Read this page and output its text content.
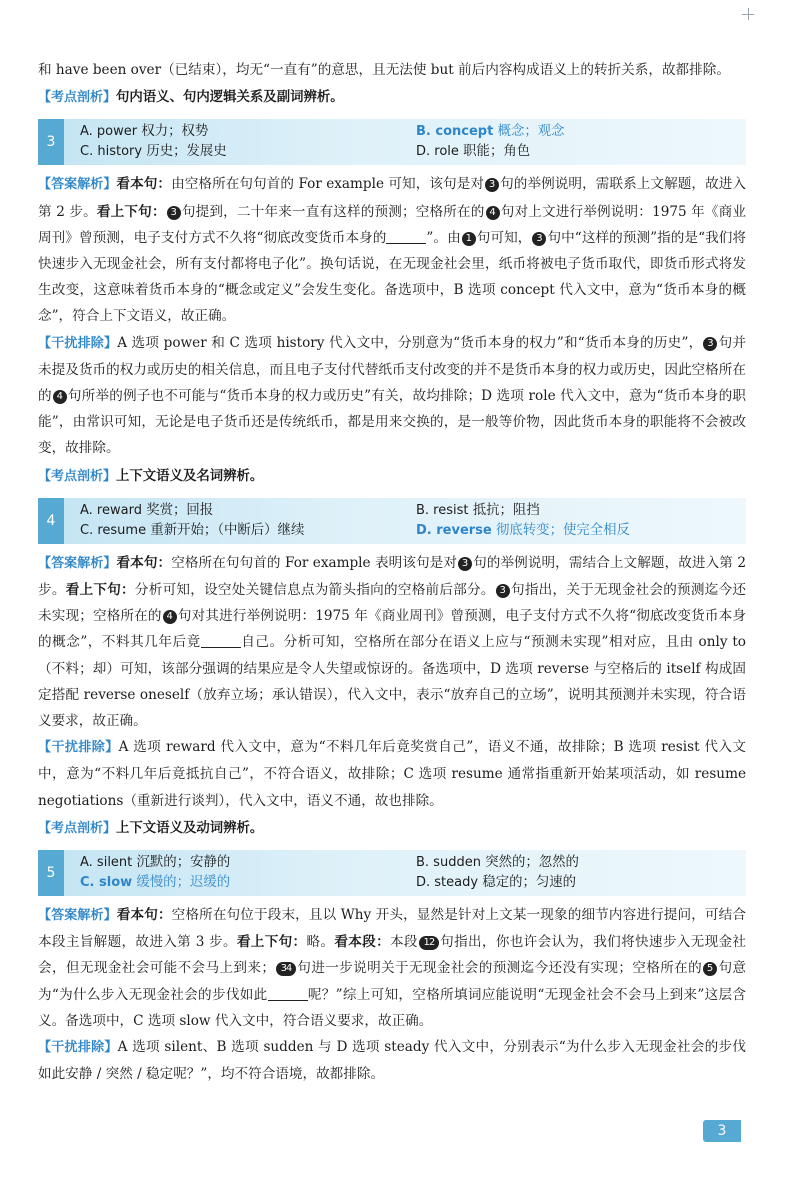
和 have been over（已结束），均无“一直有”的意思，且无法使 but 前后内容构成语义上的转折关系，故都排除。

【考点剖析】句内语义、句内逻辑关系及副词辨析。

3
A. power 权力；权势	B. concept 概念；观念
C. history 历史；发展史	D. role 职能；角色

【答案解析】看本句：由空格所在句句首的 For example 可知，该句是对 3 句的举例说明，需联系上文解题，故进入第 2 步。看上下句： 3 句提到，二十年来一直有这样的预测；空格所在的 4 句对上文进行举例说明：1975 年《商业周刊》曾预测，电子支付方式不久将“彻底改变货币本身的	”。由 1 句可知， 3 句中“这样的预测”指的是“我们将快速步入无现金社会，所有支付都将电子化”。换句话说，在无现金社会里，纸币将被电子货币取代，即货币形式将发生改变，这意味着货币本身的“概念或定义”会发生变化。备选项中，B 选项 concept 代入文中，意为“货币本身的概念”，符合上下文语义，故正确。

【干扰排除】A 选项 power 和 C 选项 history 代入文中，分别意为“货币本身的权力”和“货币本身的历史”， 3 句并未提及货币的权力或历史的相关信息，而且电子支付代替纸币支付改变的并不是货币本身的权力或历史，因此空格所在的 4 句所举的例子也不可能与“货币本身的权力或历史”有关，故均排除；D 选项 role 代入文中，意为“货币本身的职能”，由常识可知，无论是电子货币还是传统纸币，都是用来交换的，是一般等价物，因此货币本身的职能将不会被改变，故排除。

【考点剖析】上下文语义及名词辨析。

4
A. reward 奖赏；回报	B. resist 抵抗；阻挡
C. resume 重新开始；（中断后）继续	D. reverse 彻底转变；使完全相反

【答案解析】看本句：空格所在句句首的 For example 表明该句是对 3 句的举例说明，需结合上文解题，故进入第 2 步。看上下句：分析可知，设空处关键信息点为箭头指向的空格前后部分。 3 句指出，关于无现金社会的预测迄今还未实现；空格所在的 4 句对其进行举例说明：1975 年《商业周刊》曾预测，电子支付方式不久将“彻底改变货币本身的概念”，不料其几年后竟	自己。分析可知，空格所在部分在语义上应与“预测未实现”相对应，且由 only to（不料；却）可知，该部分强调的结果应是令人失望或惊讶的。备选项中，D 选项 reverse 与空格后的 itself 构成固定搭配 reverse oneself（放弃立场；承认错误），代入文中，表示“放弃自己的立场”，说明其预测并未实现，符合语义要求，故正确。

【干扰排除】A 选项 reward 代入文中，意为“不料几年后竟奖赏自己”，语义不通，故排除；B 选项 resist 代入文中，意为“不料几年后竟抵抗自己”，不符合语义，故排除；C 选项 resume 通常指重新开始某项活动，如 resume negotiations（重新进行谈判），代入文中，语义不通，故也排除。

【考点剖析】上下文语义及动词辨析。

5
A. silent 沉默的；安静的	B. sudden 突然的；忽然的
C. slow 缓慢的；迟缓的	D. steady 稳定的；匀速的

【答案解析】看本句：空格所在句位于段末，且以 Why 开头，显然是针对上文某一现象的细节内容进行提问，可结合本段主旨解题，故进入第 3 步。看上下句：略。看本段：本段 12 句指出，你也许会认为，我们将快速步入无现金社会，但无现金社会可能不会马上到来； 34 句进一步说明关于无现金社会的预测迄今还没有实现；空格所在的 5 句意为“为什么步入无现金社会的步伐如此	呢？”综上可知，空格所填词应能说明“无现金社会不会马上到来”这层含义。备选项中，C 选项 slow 代入文中，符合语义要求，故正确。

【干扰排除】A 选项 silent、B 选项 sudden 与 D 选项 steady 代入文中，分别表示“为什么步入无现金社会的步伐如此安静 / 突然 / 稳定呢？”，均不符合语境，故都排除。

3
